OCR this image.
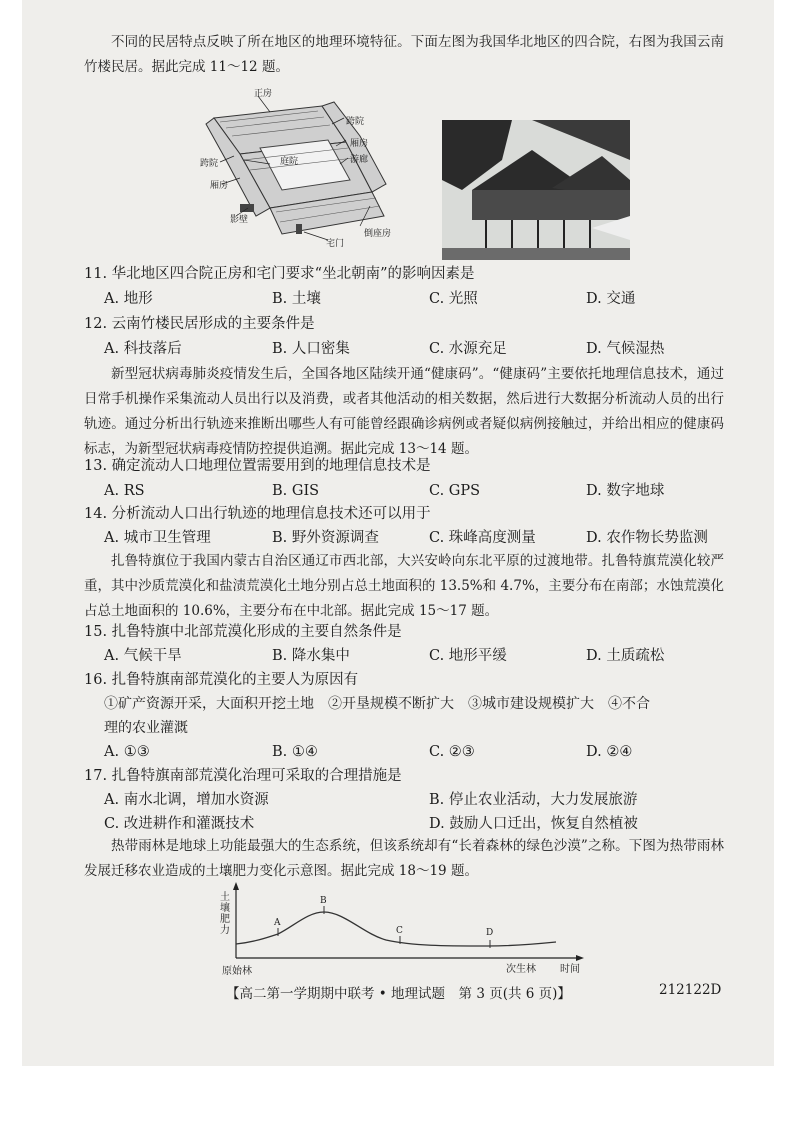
不同的民居特点反映了所在地区的地理环境特征。下面左图为我国华北地区的四合院，右图为我国云南竹楼民居。据此完成 11～12 题。

正房
跨院
厢房
游廊
庭院
跨院
厢房
影壁
宅门
倒座房
11. 华北地区四合院正房和宅门要求“坐北朝南”的影响因素是
A. 地形	B. 土壤	C. 光照	D. 交通
12. 云南竹楼民居形成的主要条件是
A. 科技落后	B. 人口密集	C. 水源充足	D. 气候湿热

新型冠状病毒肺炎疫情发生后，全国各地区陆续开通“健康码”。“健康码”主要依托地理信息技术，通过日常手机操作采集流动人员出行以及消费，或者其他活动的相关数据，然后进行大数据分析流动人员的出行轨迹。通过分析出行轨迹来推断出哪些人有可能曾经跟确诊病例或者疑似病例接触过，并给出相应的健康码标志，为新型冠状病毒疫情防控提供追溯。据此完成 13～14 题。

13. 确定流动人口地理位置需要用到的地理信息技术是
A. RS	B. GIS	C. GPS	D. 数字地球
14. 分析流动人口出行轨迹的地理信息技术还可以用于
A. 城市卫生管理	B. 野外资源调查	C. 珠峰高度测量	D. 农作物长势监测

扎鲁特旗位于我国内蒙古自治区通辽市西北部，大兴安岭向东北平原的过渡地带。扎鲁特旗荒漠化较严重，其中沙质荒漠化和盐渍荒漠化土地分别占总土地面积的 13.5%和 4.7%，主要分布在南部；水蚀荒漠化占总土地面积的 10.6%，主要分布在中北部。据此完成 15～17 题。

15. 扎鲁特旗中北部荒漠化形成的主要自然条件是
A. 气候干旱	B. 降水集中	C. 地形平缓	D. 土质疏松
16. 扎鲁特旗南部荒漠化的主要人为原因有
①矿产资源开采，大面积开挖土地　②开垦规模不断扩大　③城市建设规模扩大　④不合
理的农业灌溉
A. ①③	B. ①④	C. ②③	D. ②④
17. 扎鲁特旗南部荒漠化治理可采取的合理措施是
A. 南水北调，增加水资源	B. 停止农业活动，大力发展旅游
C. 改进耕作和灌溉技术	D. 鼓励人口迁出，恢复自然植被

热带雨林是地球上功能最强大的生态系统，但该系统却有“长着森林的绿色沙漠”之称。下图为热带雨林发展迁移农业造成的土壤肥力变化示意图。据此完成 18～19 题。

土壤肥力
A
B
C	D
原始林	次生林 时间
【高二第一学期期中联考 • 地理试题　第 3 页(共 6 页)】	212122D
